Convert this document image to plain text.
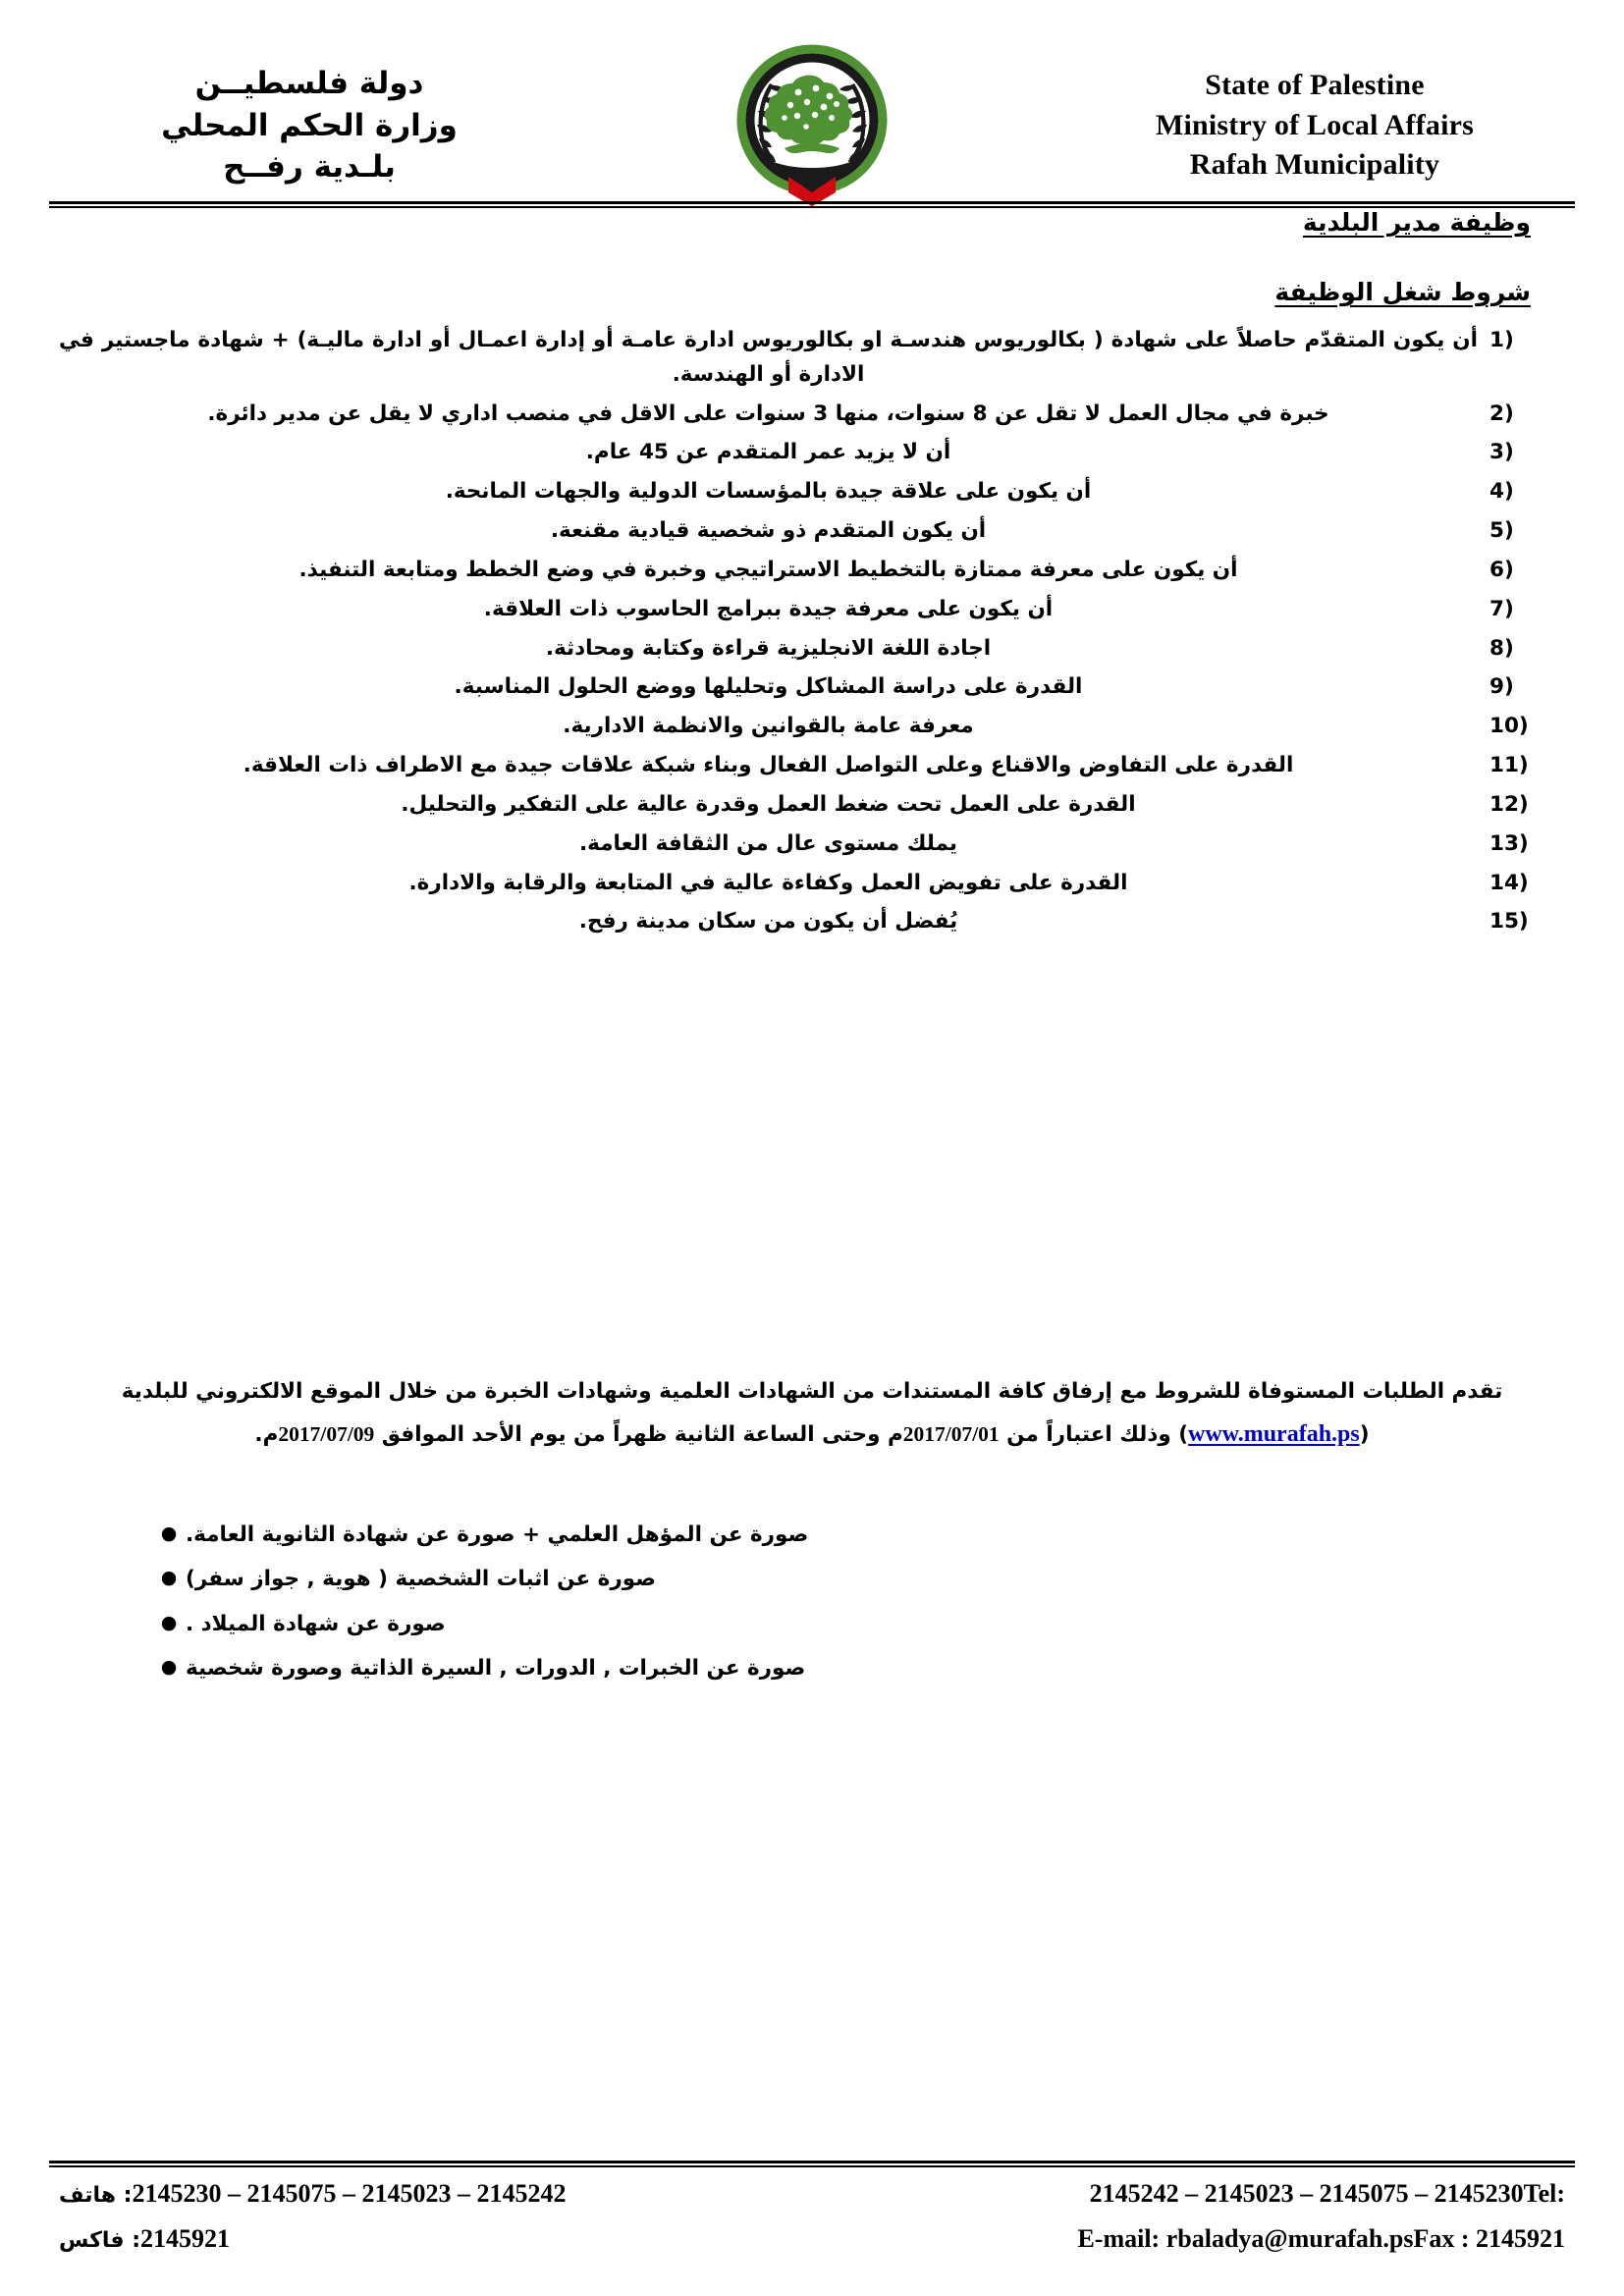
State of Palestine
Ministry of Local Affairs
Rafah Municipality
دولة فلسطيــن
وزارة الحكم المحلي
بلـدية رفــح
وظيفة مدير البلدية
شروط شغل الوظيفة
1)
أن يكون المتقدّم حاصلاً على شهادة ( بكالوريوس هندسـة او بكالوريوس ادارة عامـة أو إدارة اعمـال أو ادارة ماليـة) + شهادة ماجستير في الادارة أو الهندسة.
2)
خبرة في مجال العمل لا تقل عن 8 سنوات، منها 3 سنوات على الاقل في منصب اداري لا يقل عن مدير دائرة.
3)
أن لا يزيد عمر المتقدم عن 45 عام.
4)
أن يكون على علاقة جيدة بالمؤسسات الدولية والجهات المانحة.
5)
أن يكون المتقدم ذو شخصية قيادية مقنعة.
6)
أن يكون على معرفة ممتازة بالتخطيط الاستراتيجي وخبرة في وضع الخطط ومتابعة التنفيذ.
7)
أن يكون على معرفة جيدة ببرامج الحاسوب ذات العلاقة.
8)
اجادة اللغة الانجليزية قراءة وكتابة ومحادثة.
9)
القدرة على دراسة المشاكل وتحليلها ووضع الحلول المناسبة.
10)
معرفة عامة بالقوانين والانظمة الادارية.
11)
القدرة على التفاوض والاقناع وعلى التواصل الفعال وبناء شبكة علاقات جيدة مع الاطراف ذات العلاقة.
12)
القدرة على العمل تحت ضغط العمل وقدرة عالية على التفكير والتحليل.
13)
يملك مستوى عال من الثقافة العامة.
14)
القدرة على تفويض العمل وكفاءة عالية في المتابعة والرقابة والادارة.
15)
يُفضل أن يكون من سكان مدينة رفح.
تقدم الطلبات المستوفاة للشروط مع إرفاق كافة المستندات من الشهادات العلمية وشهادات الخبرة من خلال الموقع الالكتروني للبلدية
(www.murafah.ps) وذلك اعتباراً من 2017/07/01م وحتى الساعة الثانية ظهراً من يوم الأحد الموافق 2017/07/09م.
صورة عن المؤهل العلمي + صورة عن شهادة الثانوية العامة.
●
صورة عن اثبات الشخصية ( هوية , جواز سفر)
●
صورة عن شهادة الميلاد .
●
صورة عن الخبرات , الدورات , السيرة الذاتية وصورة شخصية
●
Tel:
2145242 – 2145023 – 2145075 – 2145230
2145230 – 2145075 – 2145023 – 2145242
: هاتف
Fax : 2145921
E-mail: rbaladya@murafah.ps
2145921
: فاكس
